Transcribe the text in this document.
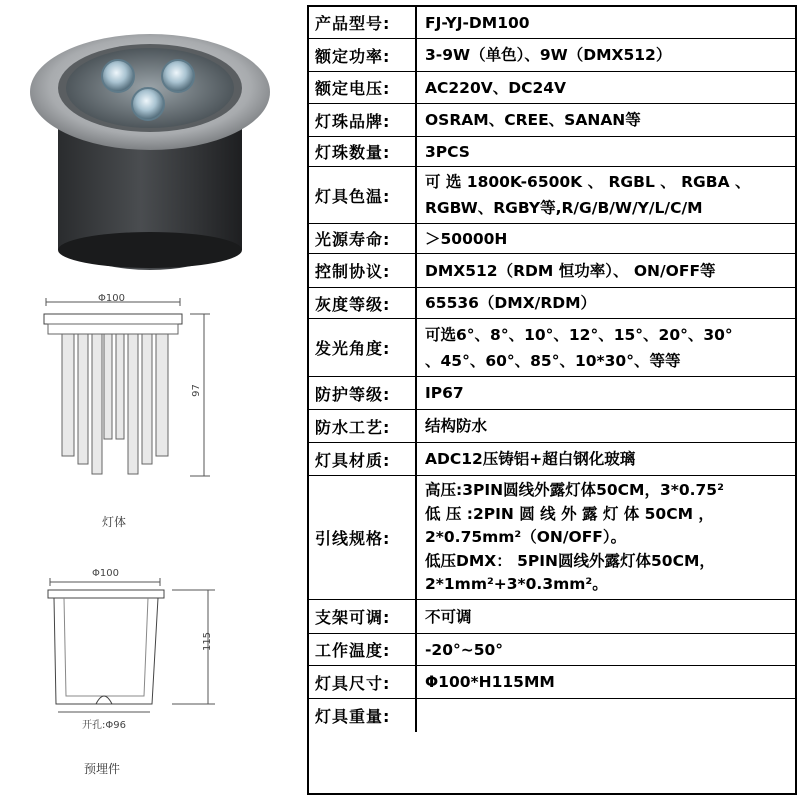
Φ100
97
灯体
Φ100
115
开孔:Φ96
预埋件
产品型号:	FJ-YJ-DM100
额定功率:	3-9W（单色）、9W（DMX512）
额定电压:	AC220V、DC24V
灯珠品牌:	OSRAM、CREE、SANAN等
灯珠数量:	3PCS
灯具色温:
可 选 1800K-6500K 、 RGBL 、 RGBA 、
RGBW、RGBY等,R/G/B/W/Y/L/C/M
光源寿命:	＞50000H
控制协议:	DMX512（RDM 恒功率）、 ON/OFF等
灰度等级:	65536（DMX/RDM）
发光角度:
可选6°、8°、10°、12°、15°、20°、30°
、45°、60°、85°、10*30°、等等
防护等级:	IP67
防水工艺:	结构防水
灯具材质:	ADC12压铸铝+超白钢化玻璃
引线规格:
高压:3PIN圆线外露灯体50CM，3*0.75²
低 压 :2PIN 圆 线 外 露 灯 体 50CM ，
2*0.75mm²（ON/OFF）。
低压DMX： 5PIN圆线外露灯体50CM，
2*1mm²+3*0.3mm²。
支架可调:	不可调
工作温度:	-20°~50°
灯具尺寸:	Φ100*H115MM
灯具重量:
